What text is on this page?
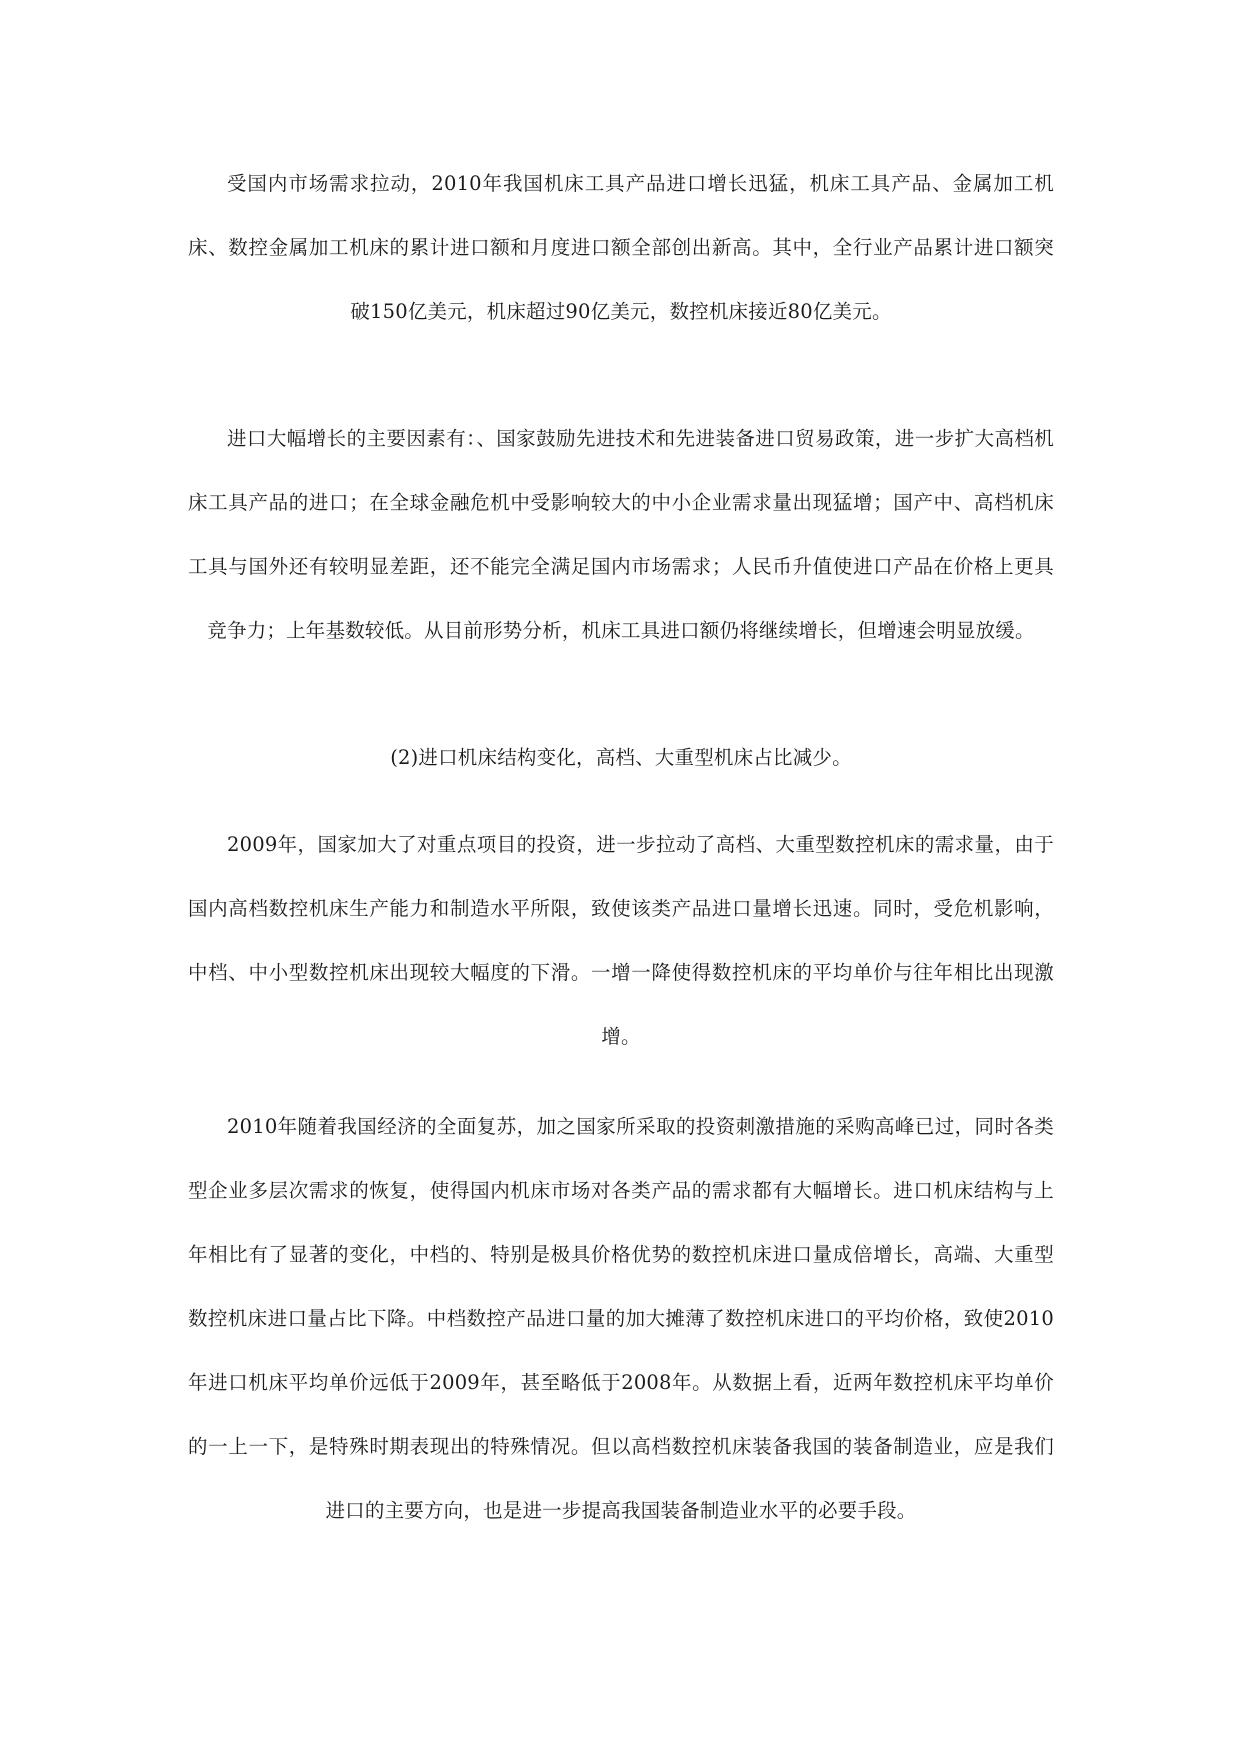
受国内市场需求拉动，2010年我国机床工具产品进口增长迅猛，机床工具产品、金属加工机床、数控金属加工机床的累计进口额和月度进口额全部创出新高。其中，全行业产品累计进口额突破150亿美元，机床超过90亿美元，数控机床接近80亿美元。

进口大幅增长的主要因素有：、国家鼓励先进技术和先进装备进口贸易政策，进一步扩大高档机床工具产品的进口；在全球金融危机中受影响较大的中小企业需求量出现猛增；国产中、高档机床工具与国外还有较明显差距，还不能完全满足国内市场需求；人民币升值使进口产品在价格上更具竞争力；上年基数较低。从目前形势分析，机床工具进口额仍将继续增长，但增速会明显放缓。

(2)进口机床结构变化，高档、大重型机床占比减少。

2009年，国家加大了对重点项目的投资，进一步拉动了高档、大重型数控机床的需求量，由于国内高档数控机床生产能力和制造水平所限，致使该类产品进口量增长迅速。同时，受危机影响，中档、中小型数控机床出现较大幅度的下滑。一增一降使得数控机床的平均单价与往年相比出现激增。

2010年随着我国经济的全面复苏，加之国家所采取的投资刺激措施的采购高峰已过，同时各类型企业多层次需求的恢复，使得国内机床市场对各类产品的需求都有大幅增长。进口机床结构与上年相比有了显著的变化，中档的、特别是极具价格优势的数控机床进口量成倍增长，高端、大重型数控机床进口量占比下降。中档数控产品进口量的加大摊薄了数控机床进口的平均价格，致使2010年进口机床平均单价远低于2009年，甚至略低于2008年。从数据上看，近两年数控机床平均单价的一上一下，是特殊时期表现出的特殊情况。但以高档数控机床装备我国的装备制造业，应是我们进口的主要方向，也是进一步提高我国装备制造业水平的必要手段。
